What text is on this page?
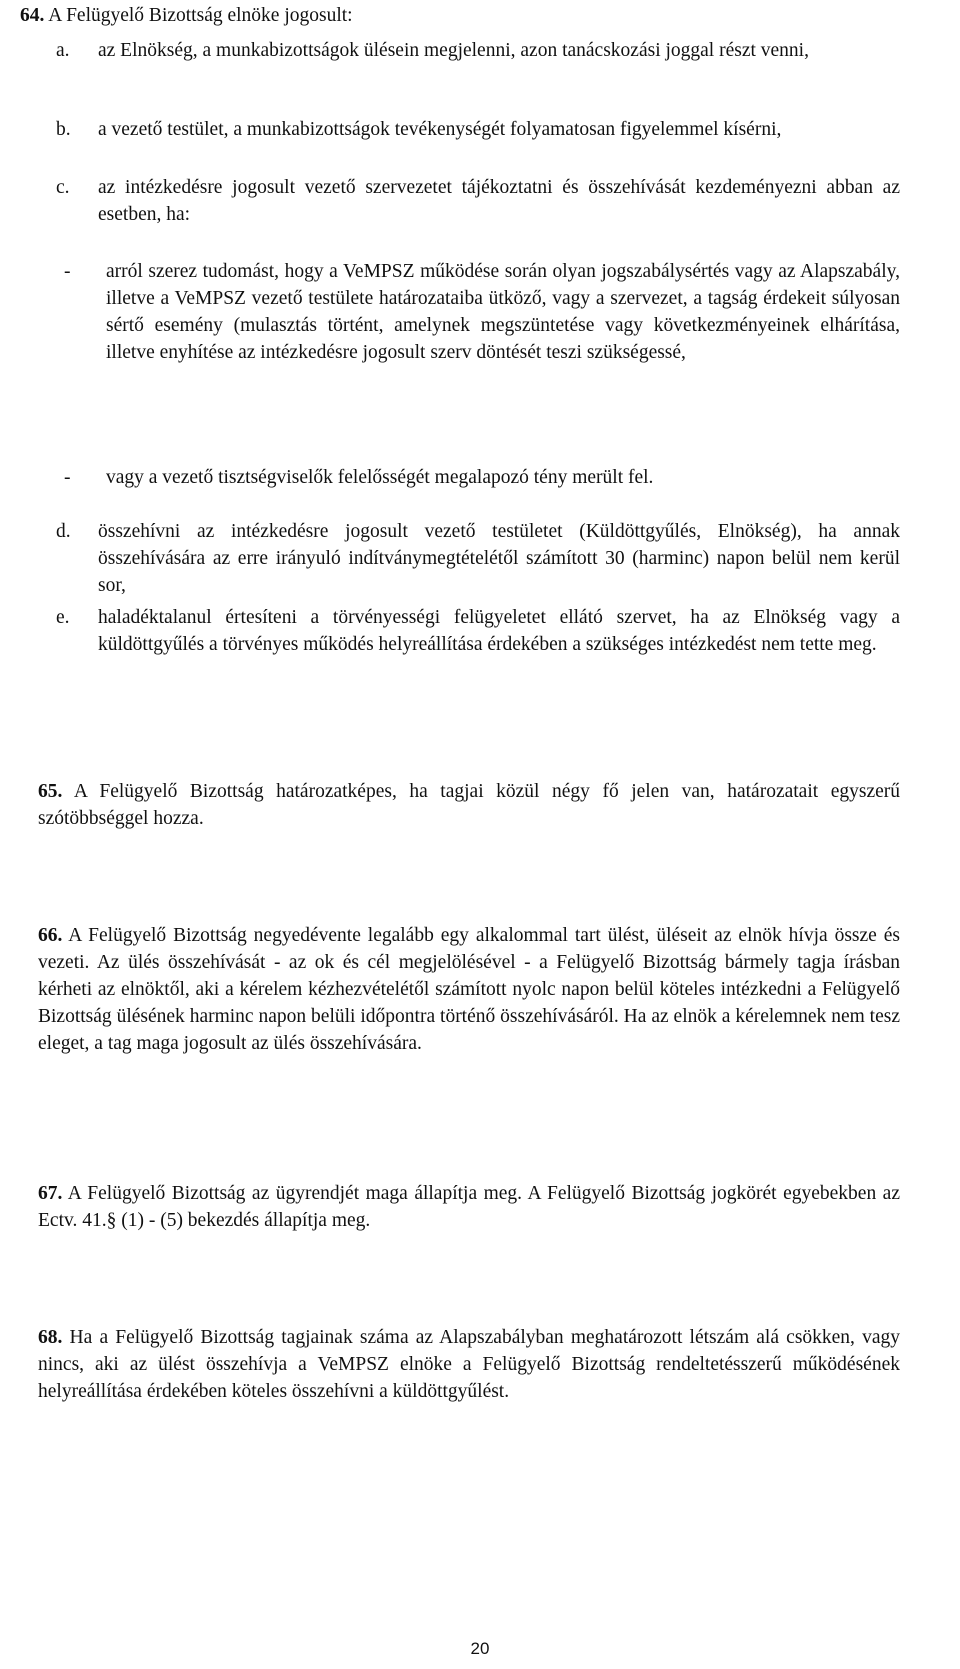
64. A Felügyelő Bizottság elnöke jogosult:

a. az Elnökség, a munkabizottságok ülésein megjelenni, azon tanácskozási joggal részt venni,
b. a vezető testület, a munkabizottságok tevékenységét folyamatosan figyelemmel kísérni,
c. az intézkedésre jogosult vezető szervezetet tájékoztatni és összehívását kezdeményezni abban az esetben, ha:
- arról szerez tudomást, hogy a VeMPSZ működése során olyan jogszabálysértés vagy az Alapszabály, illetve a VeMPSZ vezető testülete határozataiba ütköző, vagy a szervezet, a tagság érdekeit súlyosan sértő esemény (mulasztás történt, amelynek megszüntetése vagy következményeinek elhárítása, illetve enyhítése az intézkedésre jogosult szerv döntését teszi szükségessé,
- vagy a vezető tisztségviselők felelősségét megalapozó tény merült fel.
d. összehívni az intézkedésre jogosult vezető testületet (Küldöttgyűlés, Elnökség), ha annak összehívására az erre irányuló indítványmegtételétől számított 30 (harminc) napon belül nem kerül sor,
e. haladéktalanul értesíteni a törvényességi felügyeletet ellátó szervet, ha az Elnökség vagy a küldöttgyűlés a törvényes működés helyreállítása érdekében a szükséges intézkedést nem tette meg.

65. A Felügyelő Bizottság határozatképes, ha tagjai közül négy fő jelen van, határozatait egyszerű szótöbbséggel hozza.

66. A Felügyelő Bizottság negyedévente legalább egy alkalommal tart ülést, üléseit az elnök hívja össze és vezeti. Az ülés összehívását - az ok és cél megjelölésével - a Felügyelő Bizottság bármely tagja írásban kérheti az elnöktől, aki a kérelem kézhezvételétől számított nyolc napon belül köteles intézkedni a Felügyelő Bizottság ülésének harminc napon belüli időpontra történő összehívásáról. Ha az elnök a kérelemnek nem tesz eleget, a tag maga jogosult az ülés összehívására.

67. A Felügyelő Bizottság az ügyrendjét maga állapítja meg. A Felügyelő Bizottság jogkörét egyebekben az Ectv. 41.§ (1) - (5) bekezdés állapítja meg.

68. Ha a Felügyelő Bizottság tagjainak száma az Alapszabályban meghatározott létszám alá csökken, vagy nincs, aki az ülést összehívja a VeMPSZ elnöke a Felügyelő Bizottság rendeltetésszerű működésének helyreállítása érdekében köteles összehívni a küldöttgyűlést.

20
